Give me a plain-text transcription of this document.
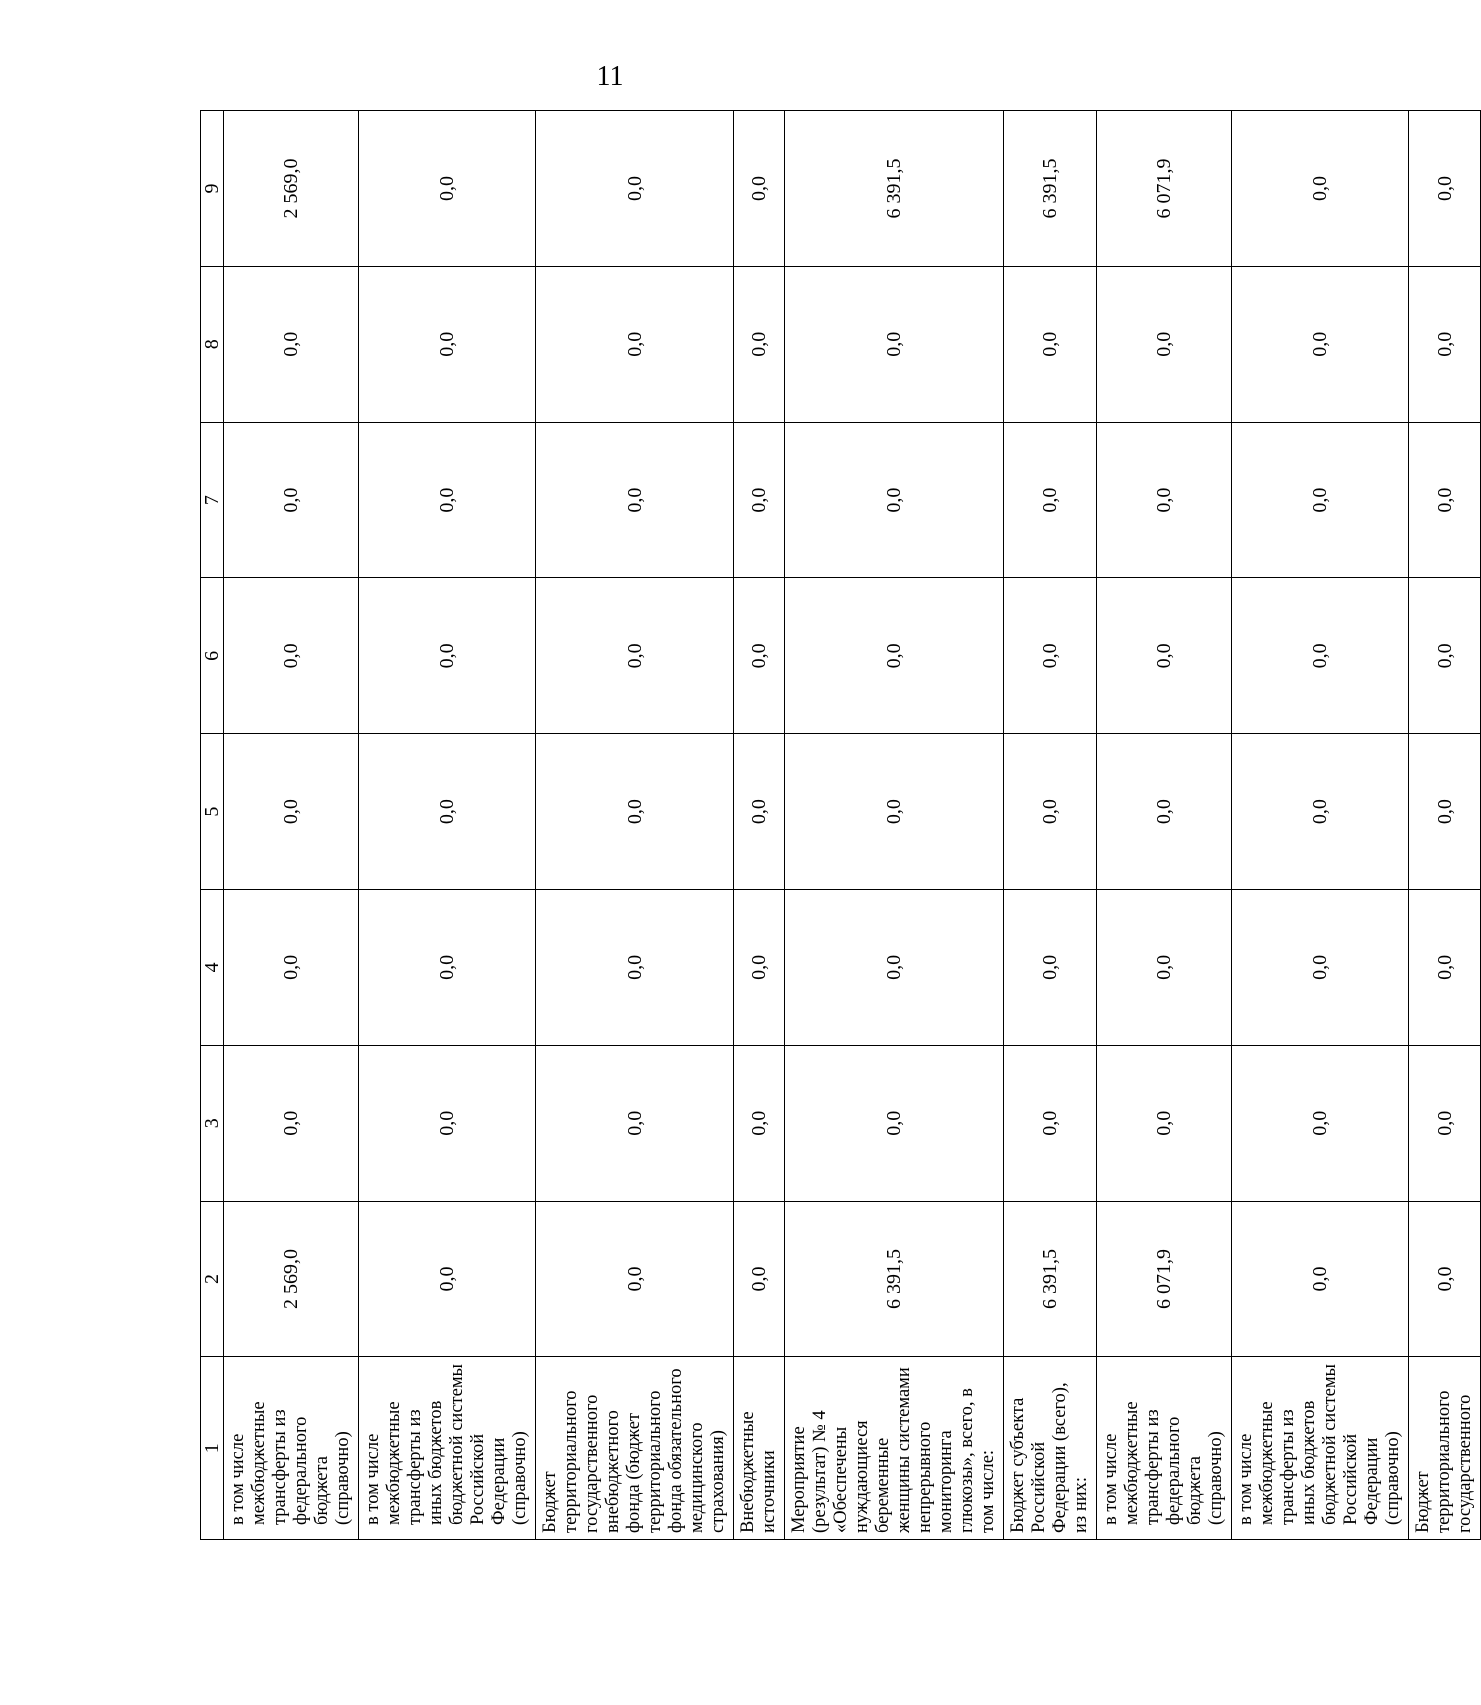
11
1	2	3	4	5	6	7	8	9
в том числе межбюджетные трансферты из федерального бюджета (справочно)	2 569,0	0,0	0,0	0,0	0,0	0,0	0,0	2 569,0
в том числе межбюджетные трансферты из иных бюджетов бюджетной системы Российской Федерации (справочно)	0,0	0,0	0,0	0,0	0,0	0,0	0,0	0,0
Бюджет территориального государственного внебюджетного фонда (бюджет территориального фонда обязательного медицинского страхования)	0,0	0,0	0,0	0,0	0,0	0,0	0,0	0,0
Внебюджетные источники	0,0	0,0	0,0	0,0	0,0	0,0	0,0	0,0
Мероприятие (результат) № 4 «Обеспечены нуждающиеся беременные женщины системами непрерывного мониторинга глюкозы», всего, в том числе:	6 391,5	0,0	0,0	0,0	0,0	0,0	0,0	6 391,5
Бюджет субъекта Российской Федерации (всего), из них:	6 391,5	0,0	0,0	0,0	0,0	0,0	0,0	6 391,5
в том числе межбюджетные трансферты из федерального бюджета (справочно)	6 071,9	0,0	0,0	0,0	0,0	0,0	0,0	6 071,9
в том числе межбюджетные трансферты из иных бюджетов бюджетной системы Российской Федерации (справочно)	0,0	0,0	0,0	0,0	0,0	0,0	0,0	0,0
Бюджет территориального государственного	0,0	0,0	0,0	0,0	0,0	0,0	0,0	0,0
